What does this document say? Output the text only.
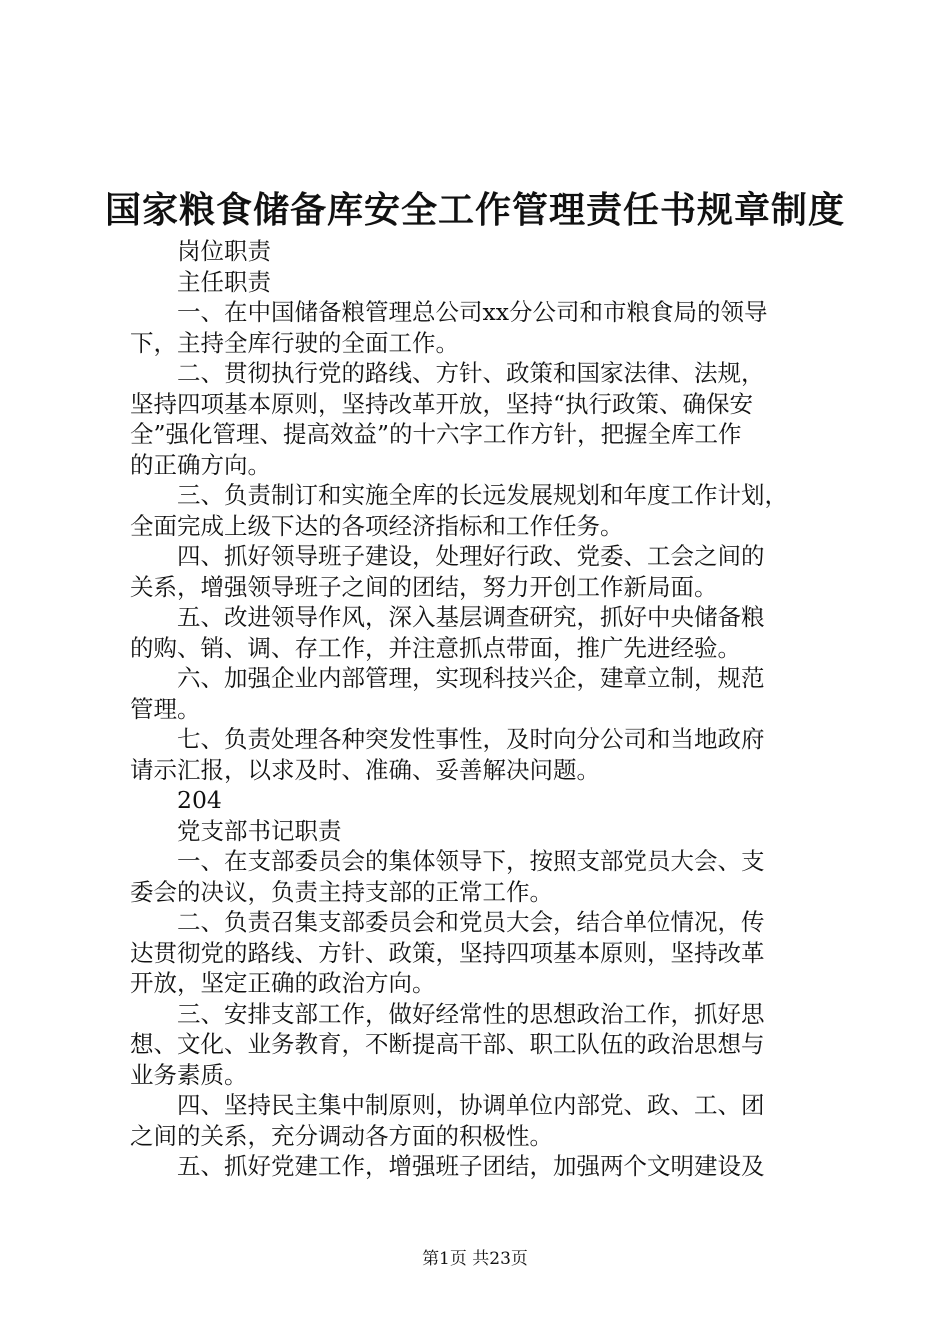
国家粮食储备库安全工作管理责任书规章制度
岗位职责
主任职责
一、在中国储备粮管理总公司xx分公司和市粮食局的领导
下，主持全库行驶的全面工作。
二、贯彻执行党的路线、方针、政策和国家法律、法规，
坚持四项基本原则，坚持改革开放，坚持“执行政策、确保安
全”强化管理、提高效益”的十六字工作方针，把握全库工作
的正确方向。
三、负责制订和实施全库的长远发展规划和年度工作计划，
全面完成上级下达的各项经济指标和工作任务。
四、抓好领导班子建设，处理好行政、党委、工会之间的
关系，增强领导班子之间的团结，努力开创工作新局面。
五、改进领导作风，深入基层调查研究，抓好中央储备粮
的购、销、调、存工作，并注意抓点带面，推广先进经验。
六、加强企业内部管理，实现科技兴企，建章立制，规范
管理。
七、负责处理各种突发性事性，及时向分公司和当地政府
请示汇报，以求及时、准确、妥善解决问题。
204
党支部书记职责
一、在支部委员会的集体领导下，按照支部党员大会、支
委会的决议，负责主持支部的正常工作。
二、负责召集支部委员会和党员大会，结合单位情况，传
达贯彻党的路线、方针、政策，坚持四项基本原则，坚持改革
开放，坚定正确的政治方向。
三、安排支部工作，做好经常性的思想政治工作，抓好思
想、文化、业务教育，不断提高干部、职工队伍的政治思想与
业务素质。
四、坚持民主集中制原则，协调单位内部党、政、工、团
之间的关系，充分调动各方面的积极性。
五、抓好党建工作，增强班子团结，加强两个文明建设及
第1页 共23页
